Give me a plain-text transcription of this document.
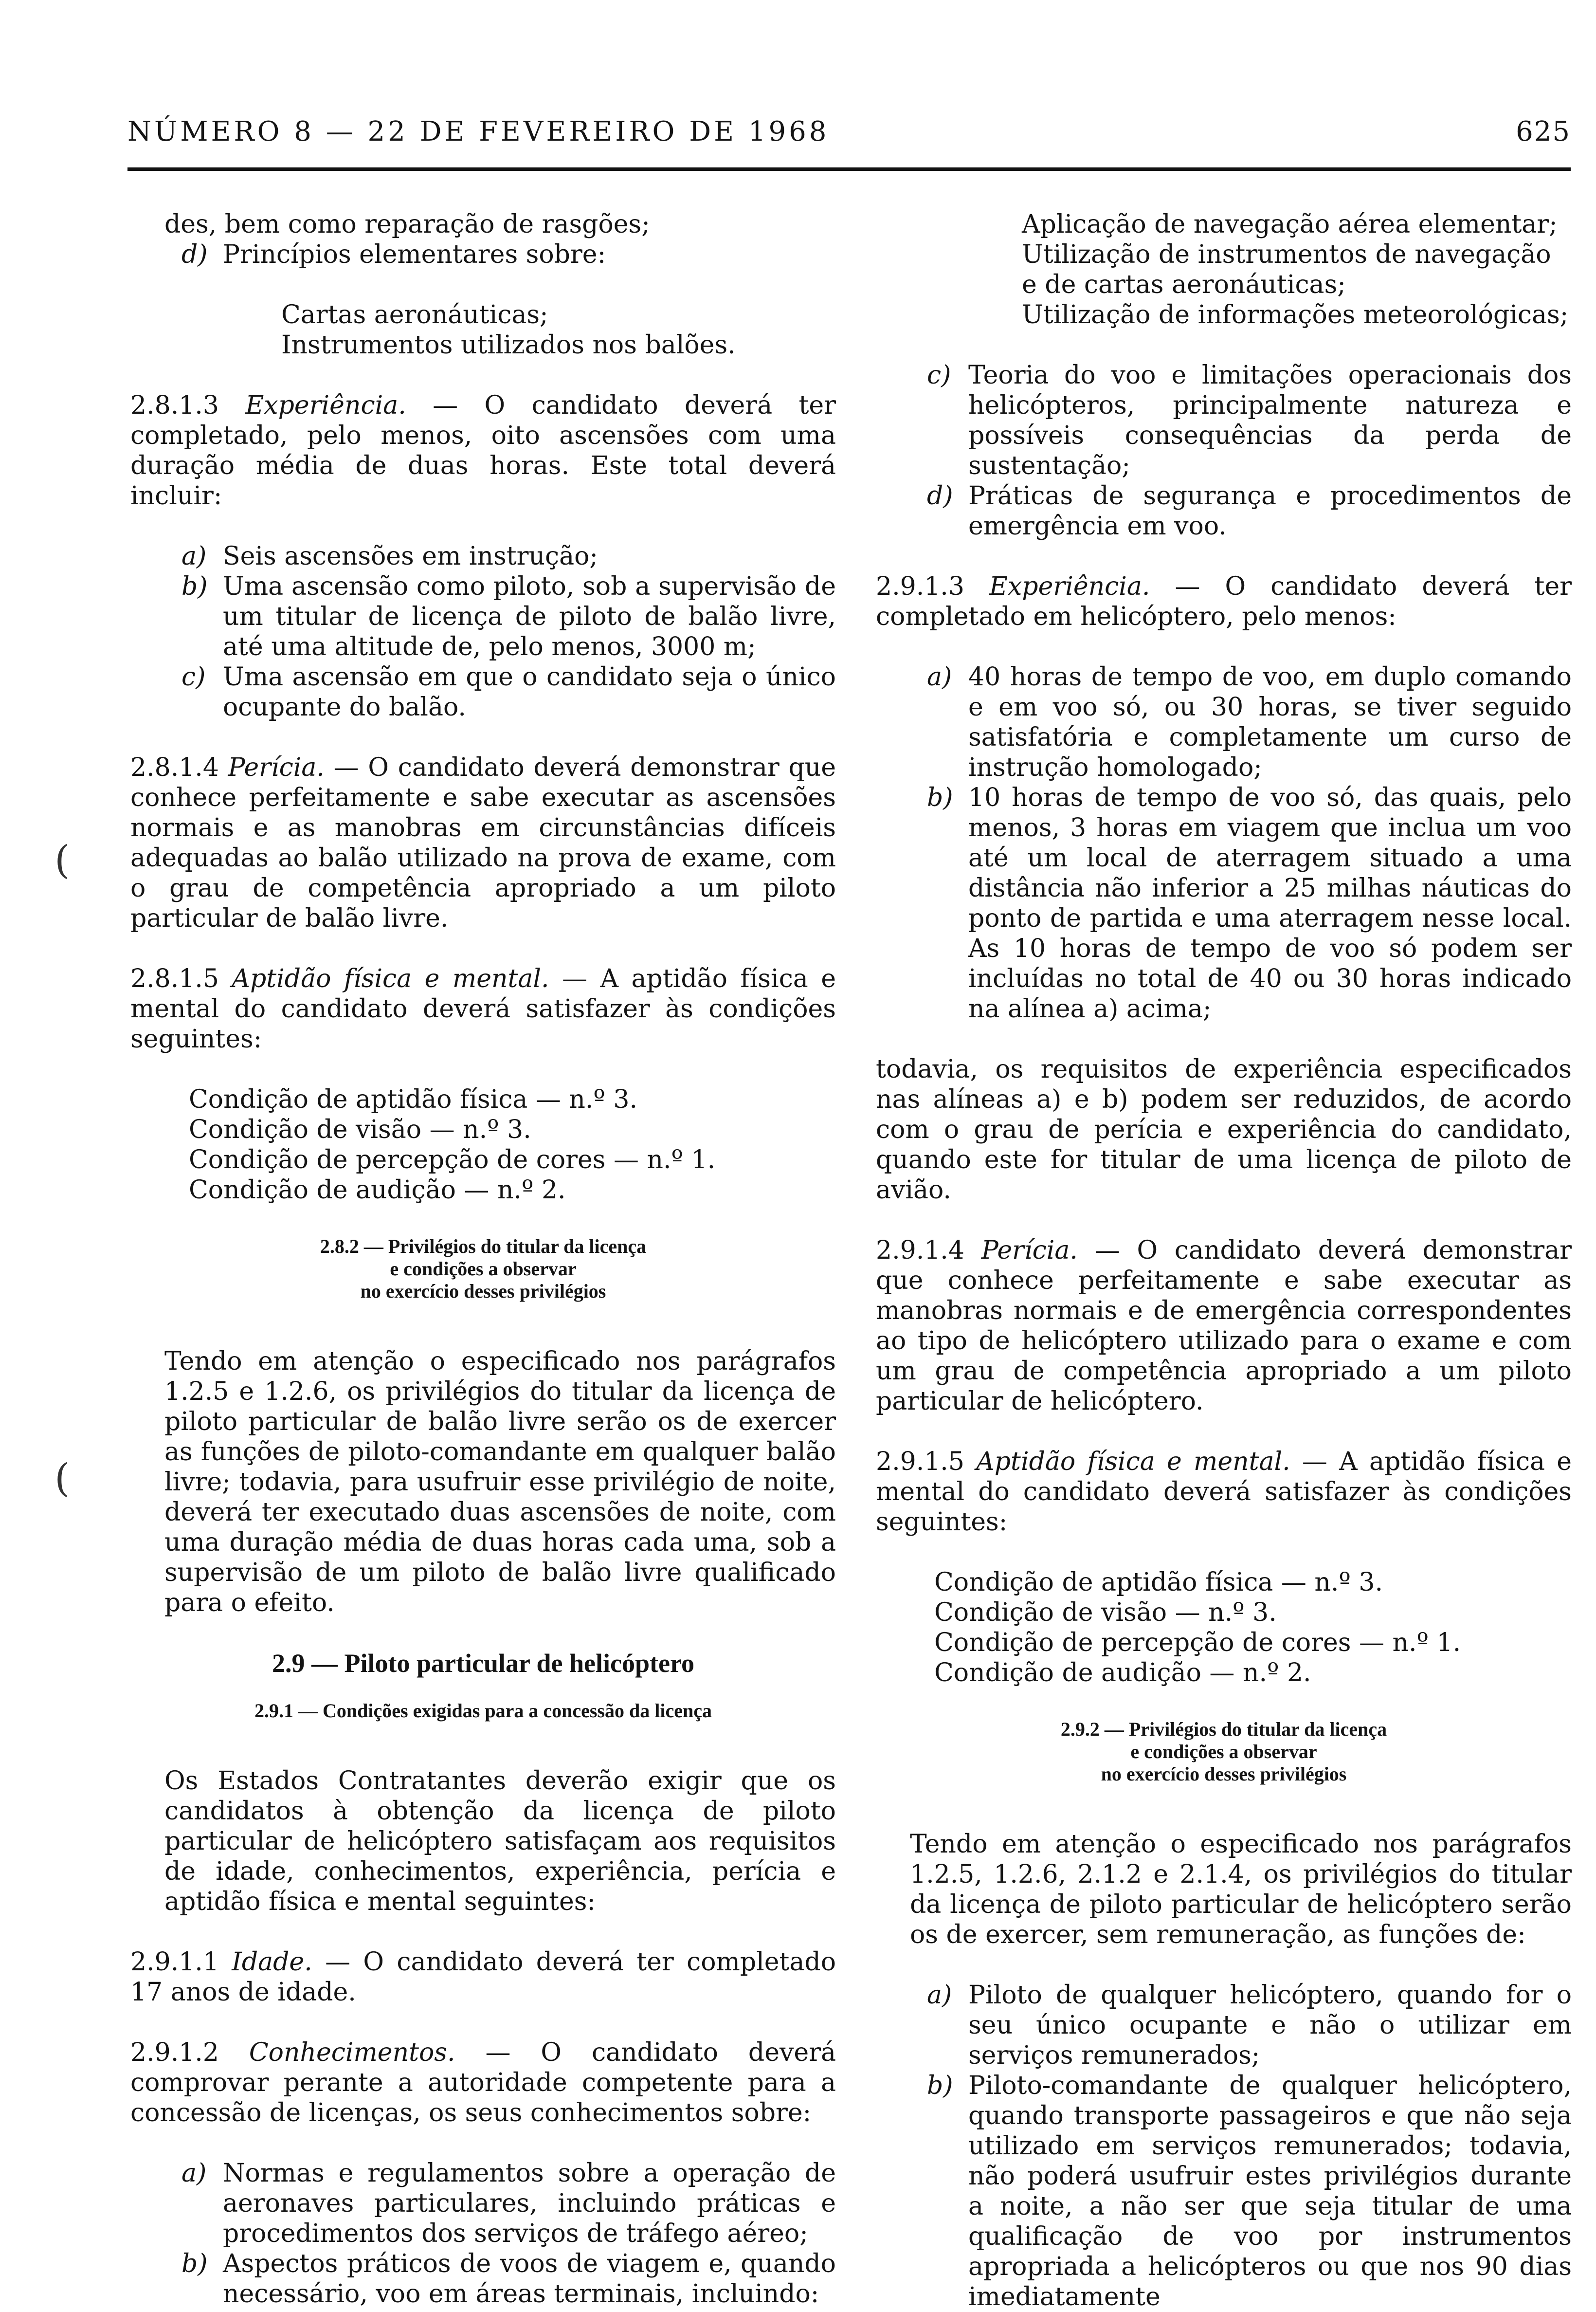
NÚMERO 8 — 22 DE FEVEREIRO DE 1968	625
(
(

des, bem como reparação de rasgões;

d) Princípios elementares sobre:

Cartas aeronáuticas;

Instrumentos utilizados nos balões.

2.8.1.3 Experiência. — O candidato deverá ter completado, pelo menos, oito ascensões com uma duração média de duas horas. Este total deverá incluir:

a) Seis ascensões em instrução;
b) Uma ascensão como piloto, sob a supervisão de um titular de licença de piloto de balão livre, até uma altitude de, pelo menos, 3000 m;
c) Uma ascensão em que o candidato seja o único ocupante do balão.

2.8.1.4 Perícia. — O candidato deverá demonstrar que conhece perfeitamente e sabe executar as ascensões normais e as manobras em circunstâncias difíceis adequadas ao balão utilizado na prova de exame, com o grau de competência apropriado a um piloto particular de balão livre.

2.8.1.5 Aptidão física e mental. — A aptidão física e mental do candidato deverá satisfazer às condições seguintes:

Condição de aptidão física — n.º 3.

Condição de visão — n.º 3.

Condição de percepção de cores — n.º 1.

Condição de audição — n.º 2.

2.8.2 — Privilégios do titular da licença
e condições a observar
no exercício desses privilégios

Tendo em atenção o especificado nos parágrafos 1.2.5 e 1.2.6, os privilégios do titular da licença de piloto particular de balão livre serão os de exercer as funções de piloto-comandante em qualquer balão livre; todavia, para usufruir esse privilégio de noite, deverá ter executado duas ascensões de noite, com uma duração média de duas horas cada uma, sob a supervisão de um piloto de balão livre qualificado para o efeito.

2.9 — Piloto particular de helicóptero
2.9.1 — Condições exigidas para a concessão da licença

Os Estados Contratantes deverão exigir que os candidatos à obtenção da licença de piloto particular de helicóptero satisfaçam aos requisitos de idade, conhecimentos, experiência, perícia e aptidão física e mental seguintes:

2.9.1.1 Idade. — O candidato deverá ter completado 17 anos de idade.

2.9.1.2 Conhecimentos. — O candidato deverá comprovar perante a autoridade competente para a concessão de licenças, os seus conhecimentos sobre:

a) Normas e regulamentos sobre a operação de aeronaves particulares, incluindo práticas e procedimentos dos serviços de tráfego aéreo;
b) Aspectos práticos de voos de viagem e, quando necessário, voo em áreas terminais, incluindo:

Aplicação de navegação aérea elementar;

Utilização de instrumentos de navegação e de cartas aeronáuticas;

Utilização de informações meteorológicas;

c) Teoria do voo e limitações operacionais dos helicópteros, principalmente natureza e possíveis consequências da perda de sustentação;
d) Práticas de segurança e procedimentos de emergência em voo.

2.9.1.3 Experiência. — O candidato deverá ter completado em helicóptero, pelo menos:

a) 40 horas de tempo de voo, em duplo comando e em voo só, ou 30 horas, se tiver seguido satisfatória e completamente um curso de instrução homologado;
b) 10 horas de tempo de voo só, das quais, pelo menos, 3 horas em viagem que inclua um voo até um local de aterragem situado a uma distância não inferior a 25 milhas náuticas do ponto de partida e uma aterragem nesse local. As 10 horas de tempo de voo só podem ser incluídas no total de 40 ou 30 horas indicado na alínea a) acima;

todavia, os requisitos de experiência especificados nas alíneas a) e b) podem ser reduzidos, de acordo com o grau de perícia e experiência do candidato, quando este for titular de uma licença de piloto de avião.

2.9.1.4 Perícia. — O candidato deverá demonstrar que conhece perfeitamente e sabe executar as manobras normais e de emergência correspondentes ao tipo de helicóptero utilizado para o exame e com um grau de competência apropriado a um piloto particular de helicóptero.

2.9.1.5 Aptidão física e mental. — A aptidão física e mental do candidato deverá satisfazer às condições seguintes:

Condição de aptidão física — n.º 3.

Condição de visão — n.º 3.

Condição de percepção de cores — n.º 1.

Condição de audição — n.º 2.

2.9.2 — Privilégios do titular da licença
e condições a observar
no exercício desses privilégios

Tendo em atenção o especificado nos parágrafos 1.2.5, 1.2.6, 2.1.2 e 2.1.4, os privilégios do titular da licença de piloto particular de helicóptero serão os de exercer, sem remuneração, as funções de:

a) Piloto de qualquer helicóptero, quando for o seu único ocupante e não o utilizar em serviços remunerados;
b) Piloto-comandante de qualquer helicóptero, quando transporte passageiros e que não seja utilizado em serviços remunerados; todavia, não poderá usufruir estes privilégios durante a noite, a não ser que seja titular de uma qualificação de voo por instrumentos apropriada a helicópteros ou que nos 90 dias imediatamente
